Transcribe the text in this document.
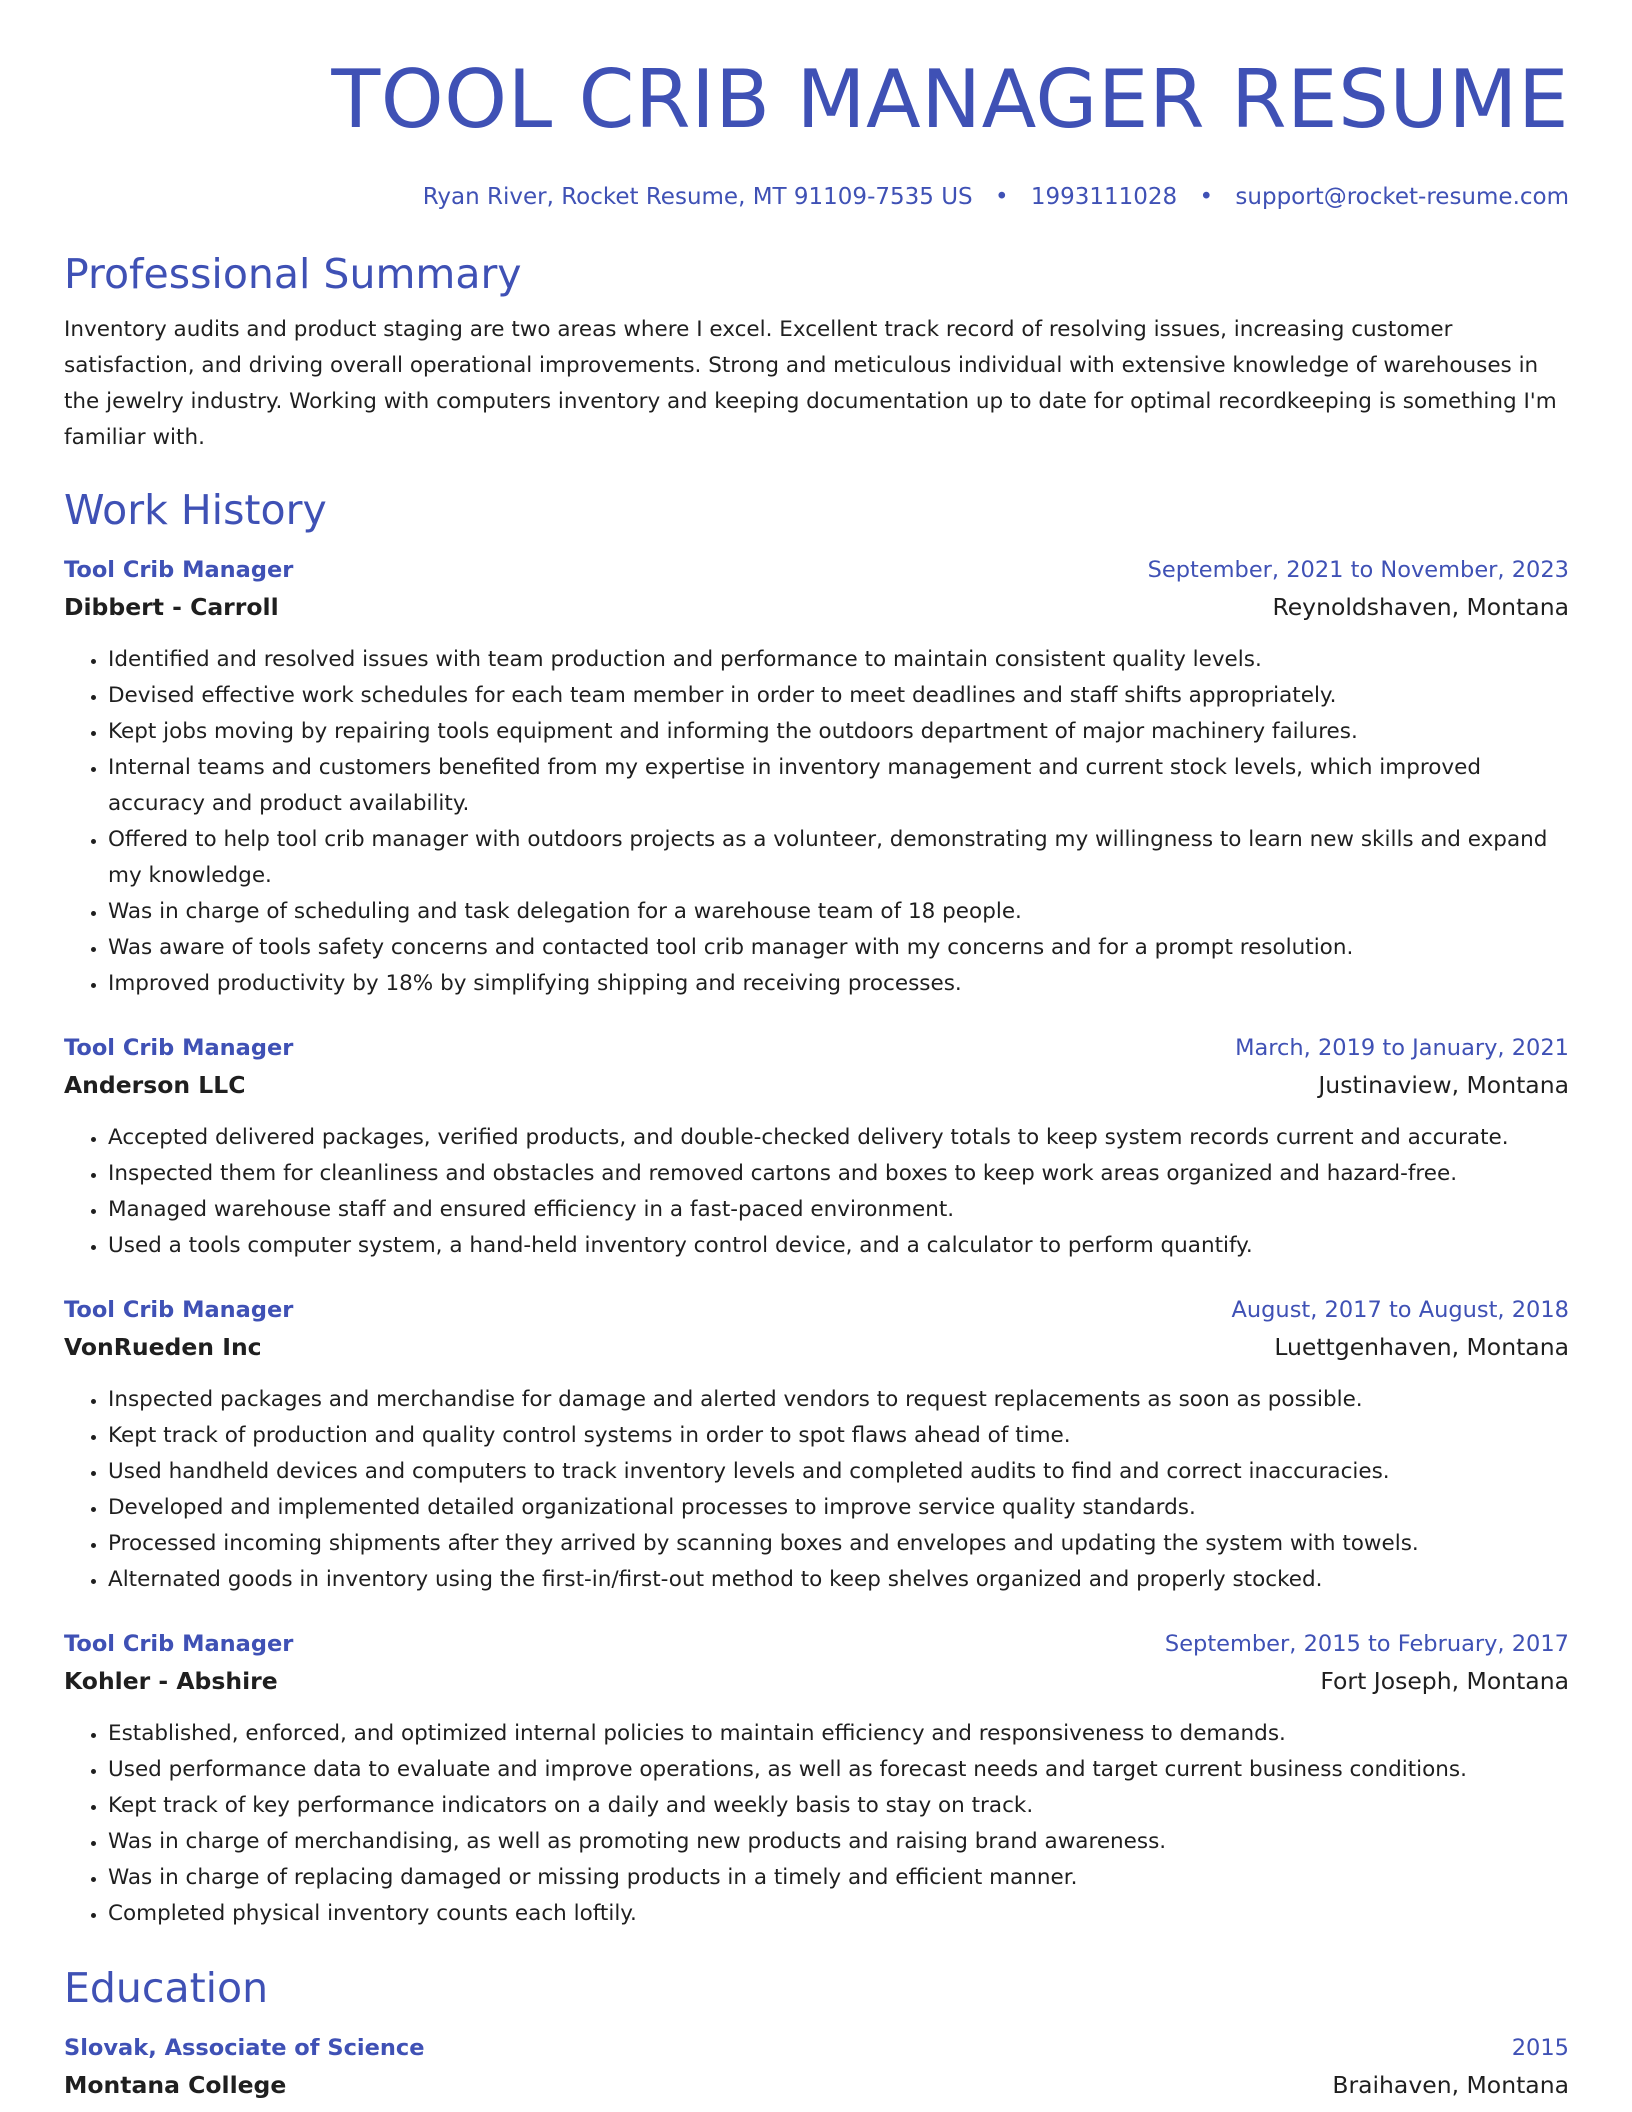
TOOL CRIB MANAGER RESUME
Ryan River, Rocket Resume, MT 91109-7535 US • 1993111028 • support@rocket-resume.com
Professional Summary
Inventory audits and product staging are two areas where I excel. Excellent track record of resolving issues, increasing customer satisfaction, and driving overall operational improvements. Strong and meticulous individual with extensive knowledge of warehouses in the jewelry industry. Working with computers inventory and keeping documentation up to date for optimal recordkeeping is something I'm familiar with.
Work History
Tool Crib Manager	September, 2021 to November, 2023
Dibbert - Carroll	Reynoldshaven, Montana
• Identified and resolved issues with team production and performance to maintain consistent quality levels.
• Devised effective work schedules for each team member in order to meet deadlines and staff shifts appropriately.
• Kept jobs moving by repairing tools equipment and informing the outdoors department of major machinery failures.
• Internal teams and customers benefited from my expertise in inventory management and current stock levels, which improved accuracy and product availability.
• Offered to help tool crib manager with outdoors projects as a volunteer, demonstrating my willingness to learn new skills and expand my knowledge.
• Was in charge of scheduling and task delegation for a warehouse team of 18 people.
• Was aware of tools safety concerns and contacted tool crib manager with my concerns and for a prompt resolution.
• Improved productivity by 18% by simplifying shipping and receiving processes.
Tool Crib Manager	March, 2019 to January, 2021
Anderson LLC	Justinaview, Montana
• Accepted delivered packages, verified products, and double-checked delivery totals to keep system records current and accurate.
• Inspected them for cleanliness and obstacles and removed cartons and boxes to keep work areas organized and hazard-free.
• Managed warehouse staff and ensured efficiency in a fast-paced environment.
• Used a tools computer system, a hand-held inventory control device, and a calculator to perform quantify.
Tool Crib Manager	August, 2017 to August, 2018
VonRueden Inc	Luettgenhaven, Montana
• Inspected packages and merchandise for damage and alerted vendors to request replacements as soon as possible.
• Kept track of production and quality control systems in order to spot flaws ahead of time.
• Used handheld devices and computers to track inventory levels and completed audits to find and correct inaccuracies.
• Developed and implemented detailed organizational processes to improve service quality standards.
• Processed incoming shipments after they arrived by scanning boxes and envelopes and updating the system with towels.
• Alternated goods in inventory using the first-in/first-out method to keep shelves organized and properly stocked.
Tool Crib Manager	September, 2015 to February, 2017
Kohler - Abshire	Fort Joseph, Montana
• Established, enforced, and optimized internal policies to maintain efficiency and responsiveness to demands.
• Used performance data to evaluate and improve operations, as well as forecast needs and target current business conditions.
• Kept track of key performance indicators on a daily and weekly basis to stay on track.
• Was in charge of merchandising, as well as promoting new products and raising brand awareness.
• Was in charge of replacing damaged or missing products in a timely and efficient manner.
• Completed physical inventory counts each loftily.
Education
Slovak, Associate of Science	2015
Montana College	Braihaven, Montana
